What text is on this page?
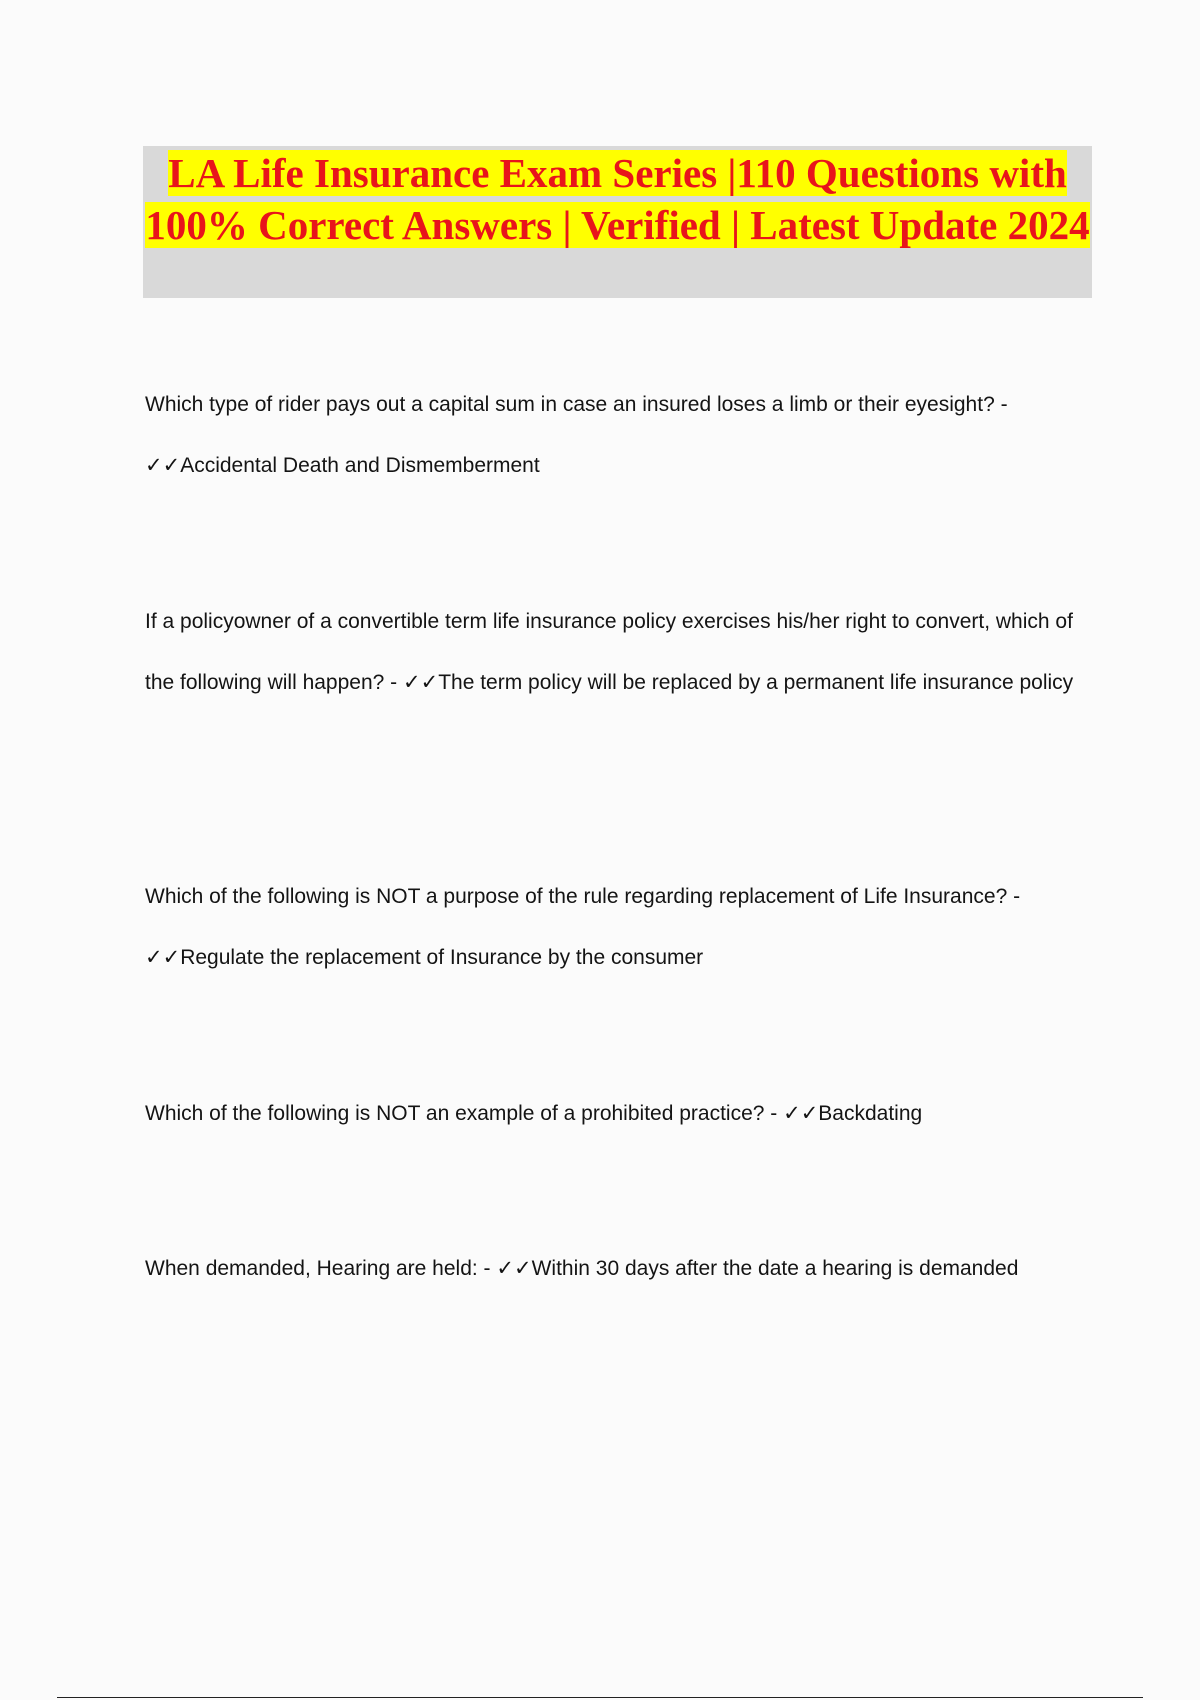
LA Life Insurance Exam Series |110 Questions with 100% Correct Answers | Verified | Latest Update 2024

Which type of rider pays out a capital sum in case an insured loses a limb or their eyesight? -
✓✓Accidental Death and Dismemberment

If a policyowner of a convertible term life insurance policy exercises his/her right to convert, which of the following will happen? - ✓✓The term policy will be replaced by a permanent life insurance policy

Which of the following is NOT a purpose of the rule regarding replacement of Life Insurance? -
✓✓Regulate the replacement of Insurance by the consumer

Which of the following is NOT an example of a prohibited practice? - ✓✓Backdating

When demanded, Hearing are held: - ✓✓Within 30 days after the date a hearing is demanded
